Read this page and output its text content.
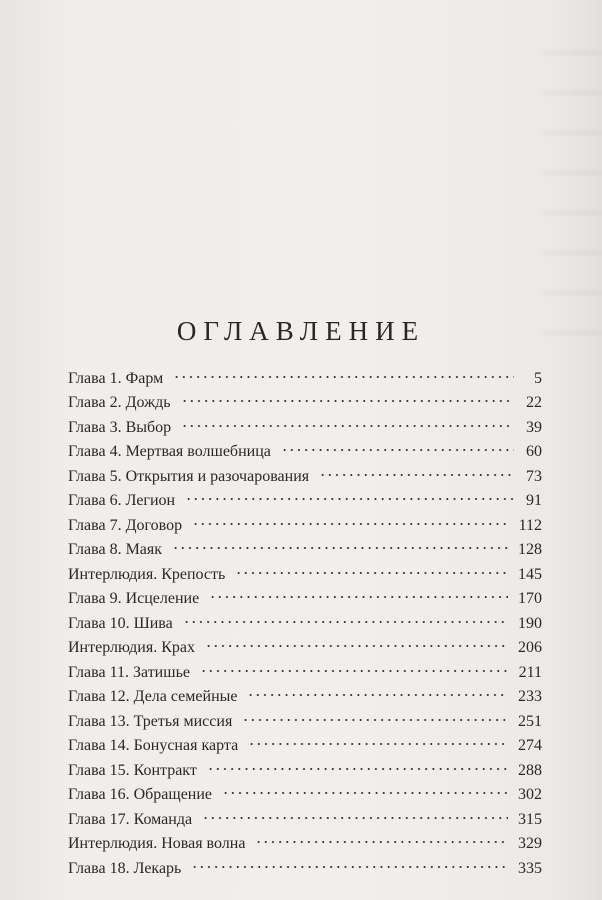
ОГЛАВЛЕНИЕ
Глава 1. Фарм	5
Глава 2. Дождь	22
Глава 3. Выбор	39
Глава 4. Мертвая волшебница	60
Глава 5. Открытия и разочарования	73
Глава 6. Легион	91
Глава 7. Договор	112
Глава 8. Маяк	128
Интерлюдия. Крепость	145
Глава 9. Исцеление	170
Глава 10. Шива	190
Интерлюдия. Крах	206
Глава 11. Затишье	211
Глава 12. Дела семейные	233
Глава 13. Третья миссия	251
Глава 14. Бонусная карта	274
Глава 15. Контракт	288
Глава 16. Обращение	302
Глава 17. Команда	315
Интерлюдия. Новая волна	329
Глава 18. Лекарь	335
